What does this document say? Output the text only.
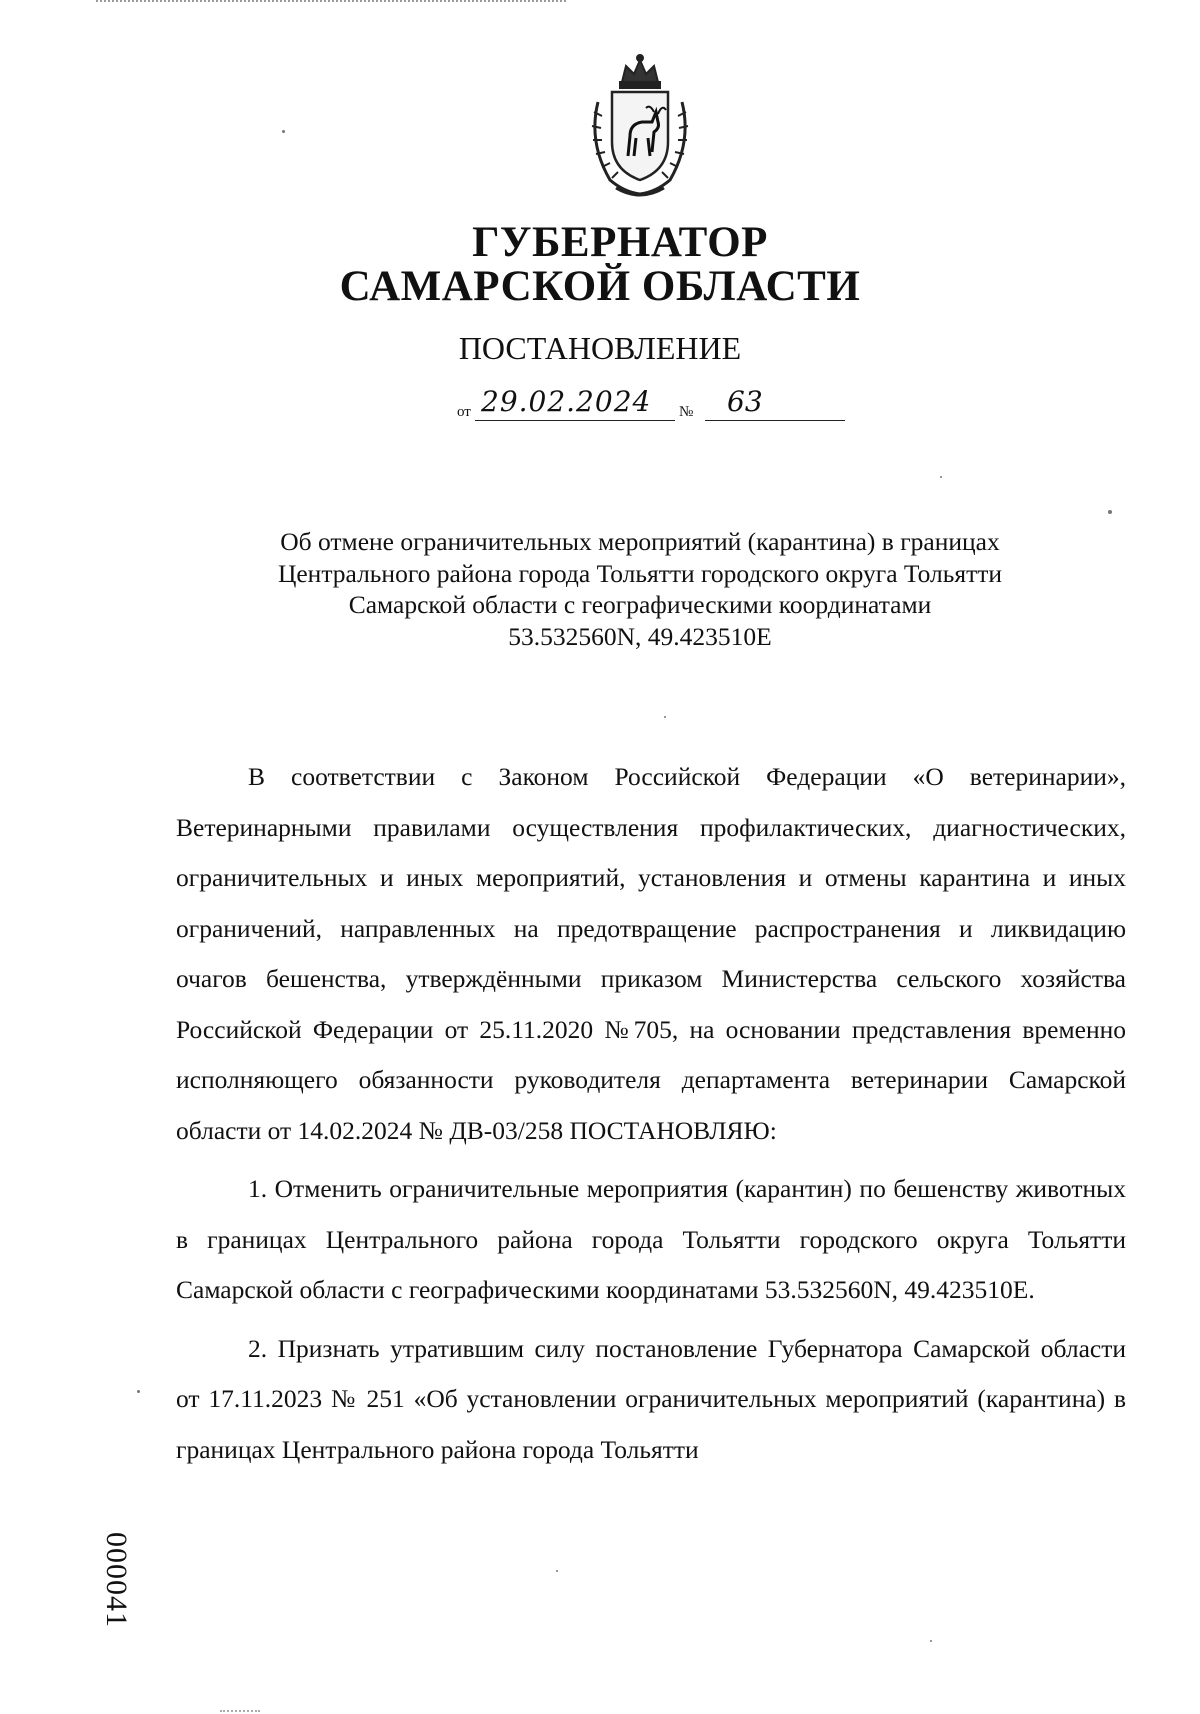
ГУБЕРНАТОР
САМАРСКОЙ ОБЛАСТИ
ПОСТАНОВЛЕНИЕ
от 29.02.2024 № 63
Об отмене ограничительных мероприятий (карантина) в границах
Центрального района города Тольятти городского округа Тольятти
Самарской области с географическими координатами
53.532560N, 49.423510E

В соответствии с Законом Российской Федерации «О ветеринарии», Ветеринарными правилами осуществления профилактических, диагностических, ограничительных и иных мероприятий, установления и отмены карантина и иных ограничений, направленных на предотвращение распространения и ликвидацию очагов бешенства, утверждёнными приказом Министерства сельского хозяйства Российской Федерации от 25.11.2020 №705, на основании представления временно исполняющего обязанности руководителя департамента ветеринарии Самарской области от 14.02.2024 № ДВ-03/258 ПОСТАНОВЛЯЮ:

1. Отменить ограничительные мероприятия (карантин) по бешенству животных в границах Центрального района города Тольятти городского округа Тольятти Самарской области с географическими координатами 53.532560N, 49.423510E.

2. Признать утратившим силу постановление Губернатора Самарской области от 17.11.2023 № 251 «Об установлении ограничительных мероприятий (карантина) в границах Центрального района города Тольятти

000041
